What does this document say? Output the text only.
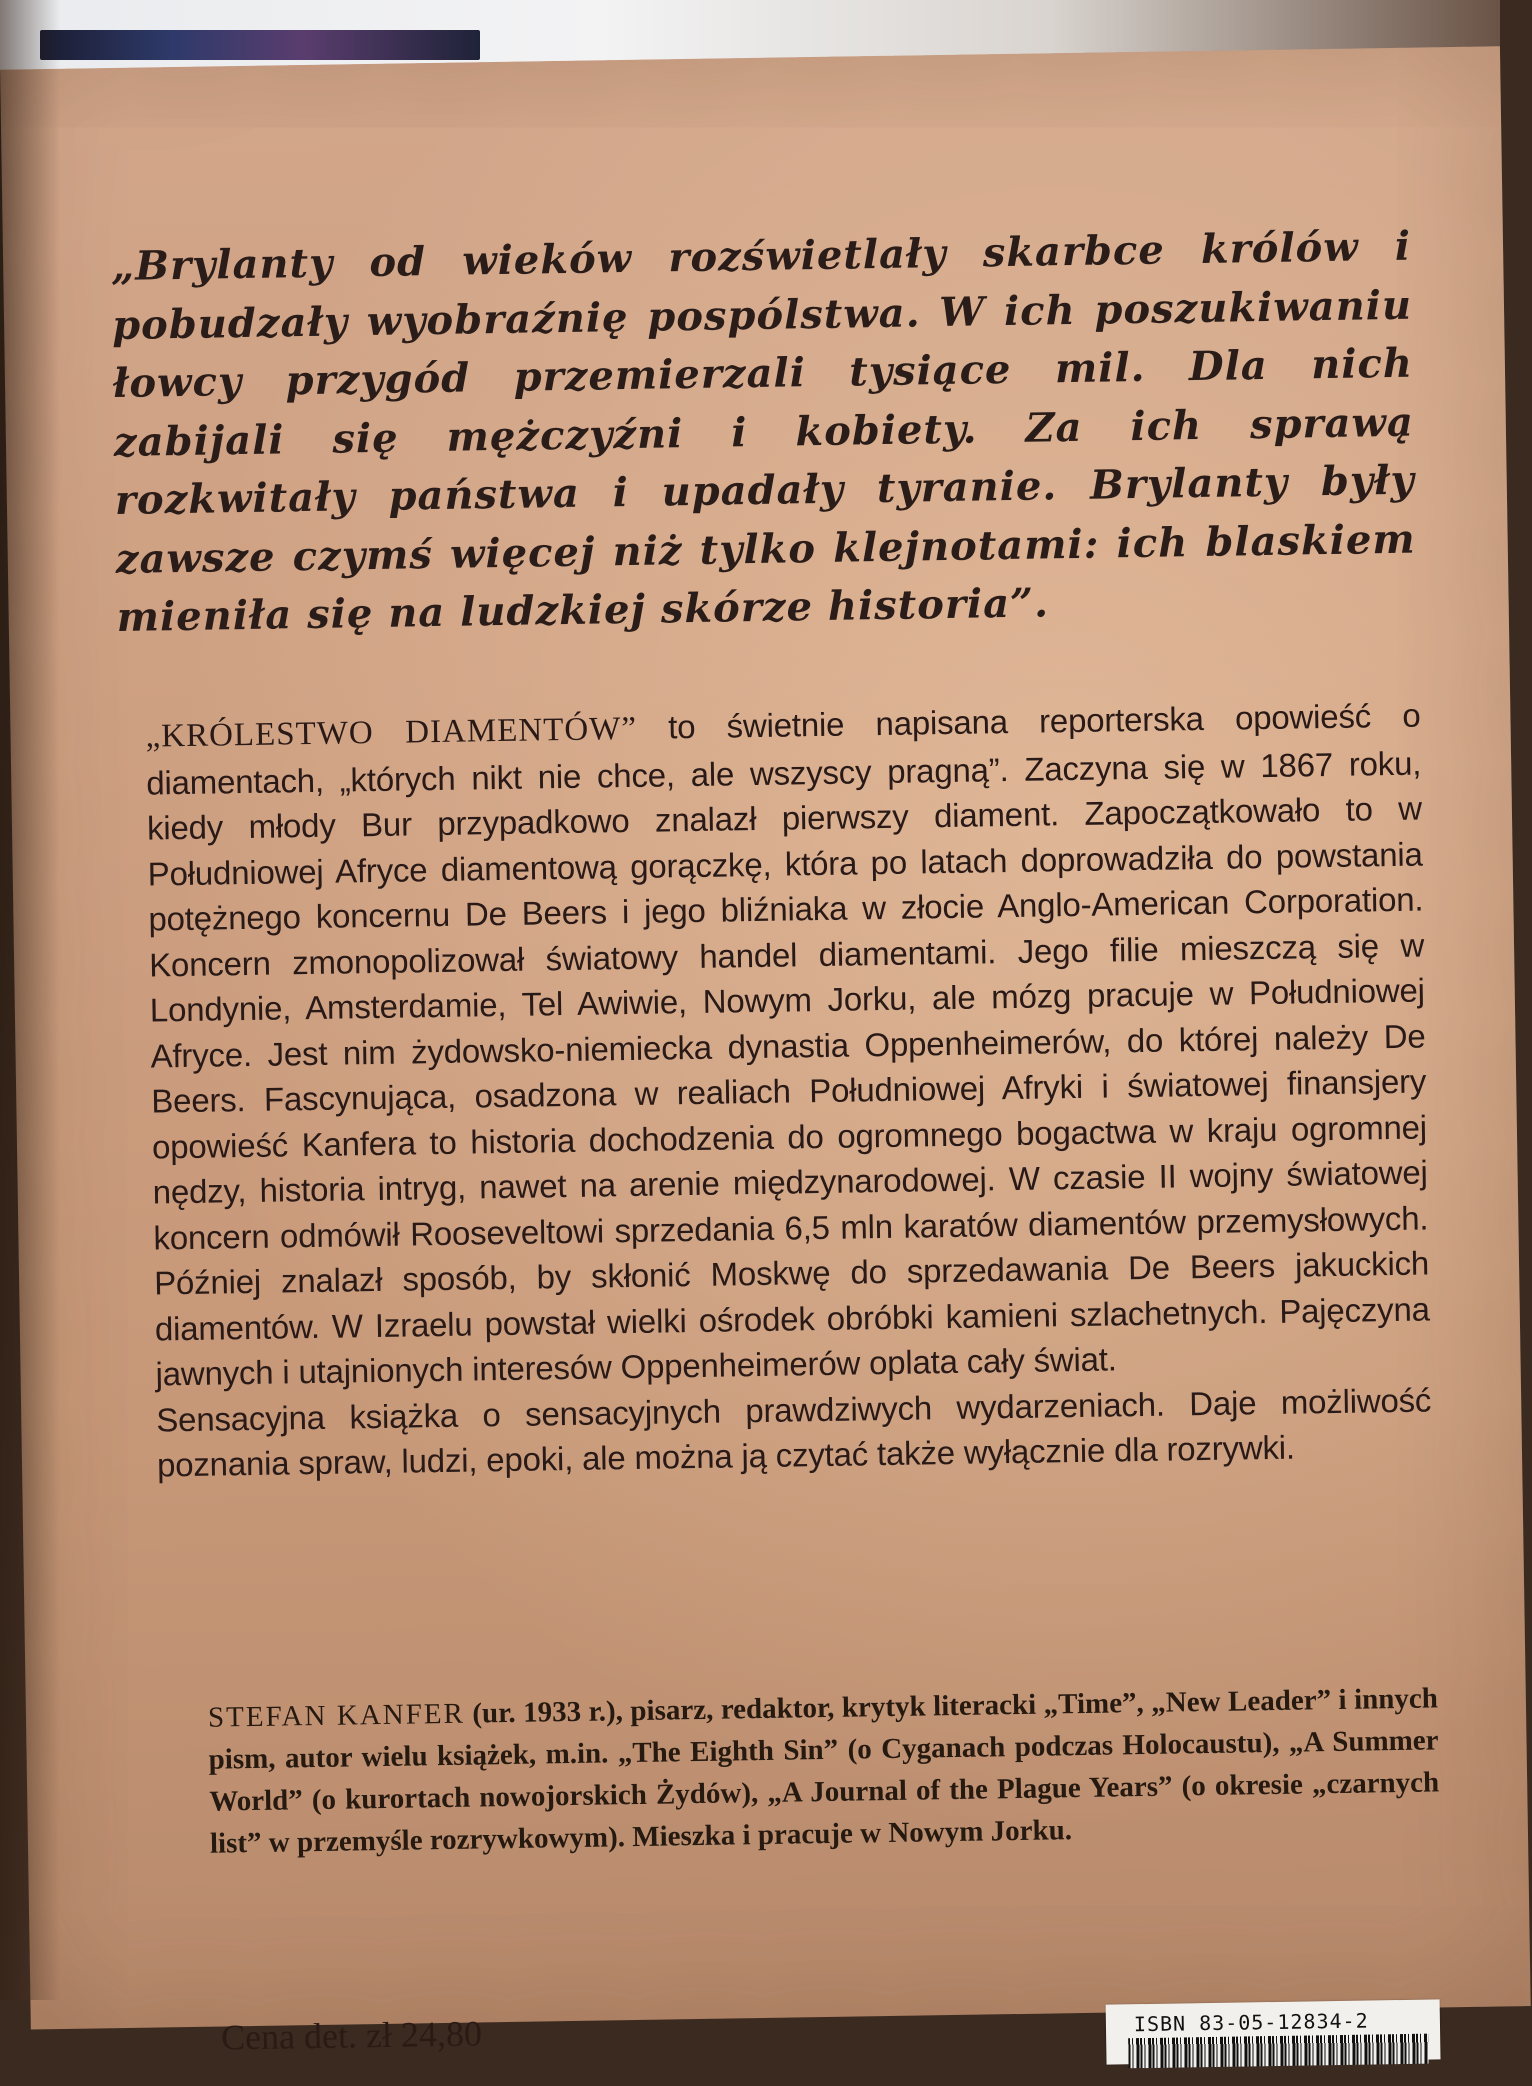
„Brylanty od wieków rozświetlały skarbce królów i pobudzały wyobraźnię pospólstwa. W ich poszukiwaniu łowcy przygód przemierzali tysiące mil. Dla nich zabijali się mężczyźni i kobiety. Za ich sprawą rozkwitały państwa i upadały tyranie. Brylanty były zawsze czymś więcej niż tylko klejnotami: ich blaskiem mieniła się na ludzkiej skórze historia”.

„KRÓLESTWO DIAMENTÓW” to świetnie napisana reporterska opowieść o diamentach, „których nikt nie chce, ale wszyscy pragną”. Zaczyna się w 1867 roku, kiedy młody Bur przypadkowo znalazł pierwszy diament. Zapoczątkowało to w Południowej Afryce diamentową gorączkę, która po latach doprowadziła do powstania potężnego koncernu De Beers i jego bliźniaka w złocie Anglo-American Corporation. Koncern zmonopolizował światowy handel diamentami. Jego filie mieszczą się w Londynie, Amsterdamie, Tel Awiwie, Nowym Jorku, ale mózg pracuje w Południowej Afryce. Jest nim żydowsko-niemiecka dynastia Oppenheimerów, do której należy De Beers. Fascynująca, osadzona w realiach Południowej Afryki i światowej finansjery opowieść Kanfera to historia dochodzenia do ogromnego bogactwa w kraju ogromnej nędzy, historia intryg, nawet na arenie międzynarodowej. W czasie II wojny światowej koncern odmówił Rooseveltowi sprzedania 6,5 mln karatów diamentów przemysłowych. Później znalazł sposób, by skłonić Moskwę do sprzedawania De Beers jakuckich diamentów. W Izraelu powstał wielki ośrodek obróbki kamieni szlachetnych. Pajęczyna jawnych i utajnionych interesów Oppenheimerów oplata cały świat.

Sensacyjna książka o sensacyjnych prawdziwych wydarzeniach. Daje możliwość poznania spraw, ludzi, epoki, ale można ją czytać także wyłącznie dla rozrywki.

STEFAN KANFER (ur. 1933 r.), pisarz, redaktor, krytyk literacki „Time”, „New Leader” i innych pism, autor wielu książek, m.in. „The Eighth Sin” (o Cyganach podczas Holocaustu), „A Summer World” (o kurortach nowojorskich Żydów), „A Journal of the Plague Years” (o okresie „czarnych list” w przemyśle rozrywkowym). Mieszka i pracuje w Nowym Jorku.
Cena det. zł 24,80	ISBN 83-05-12834-2
